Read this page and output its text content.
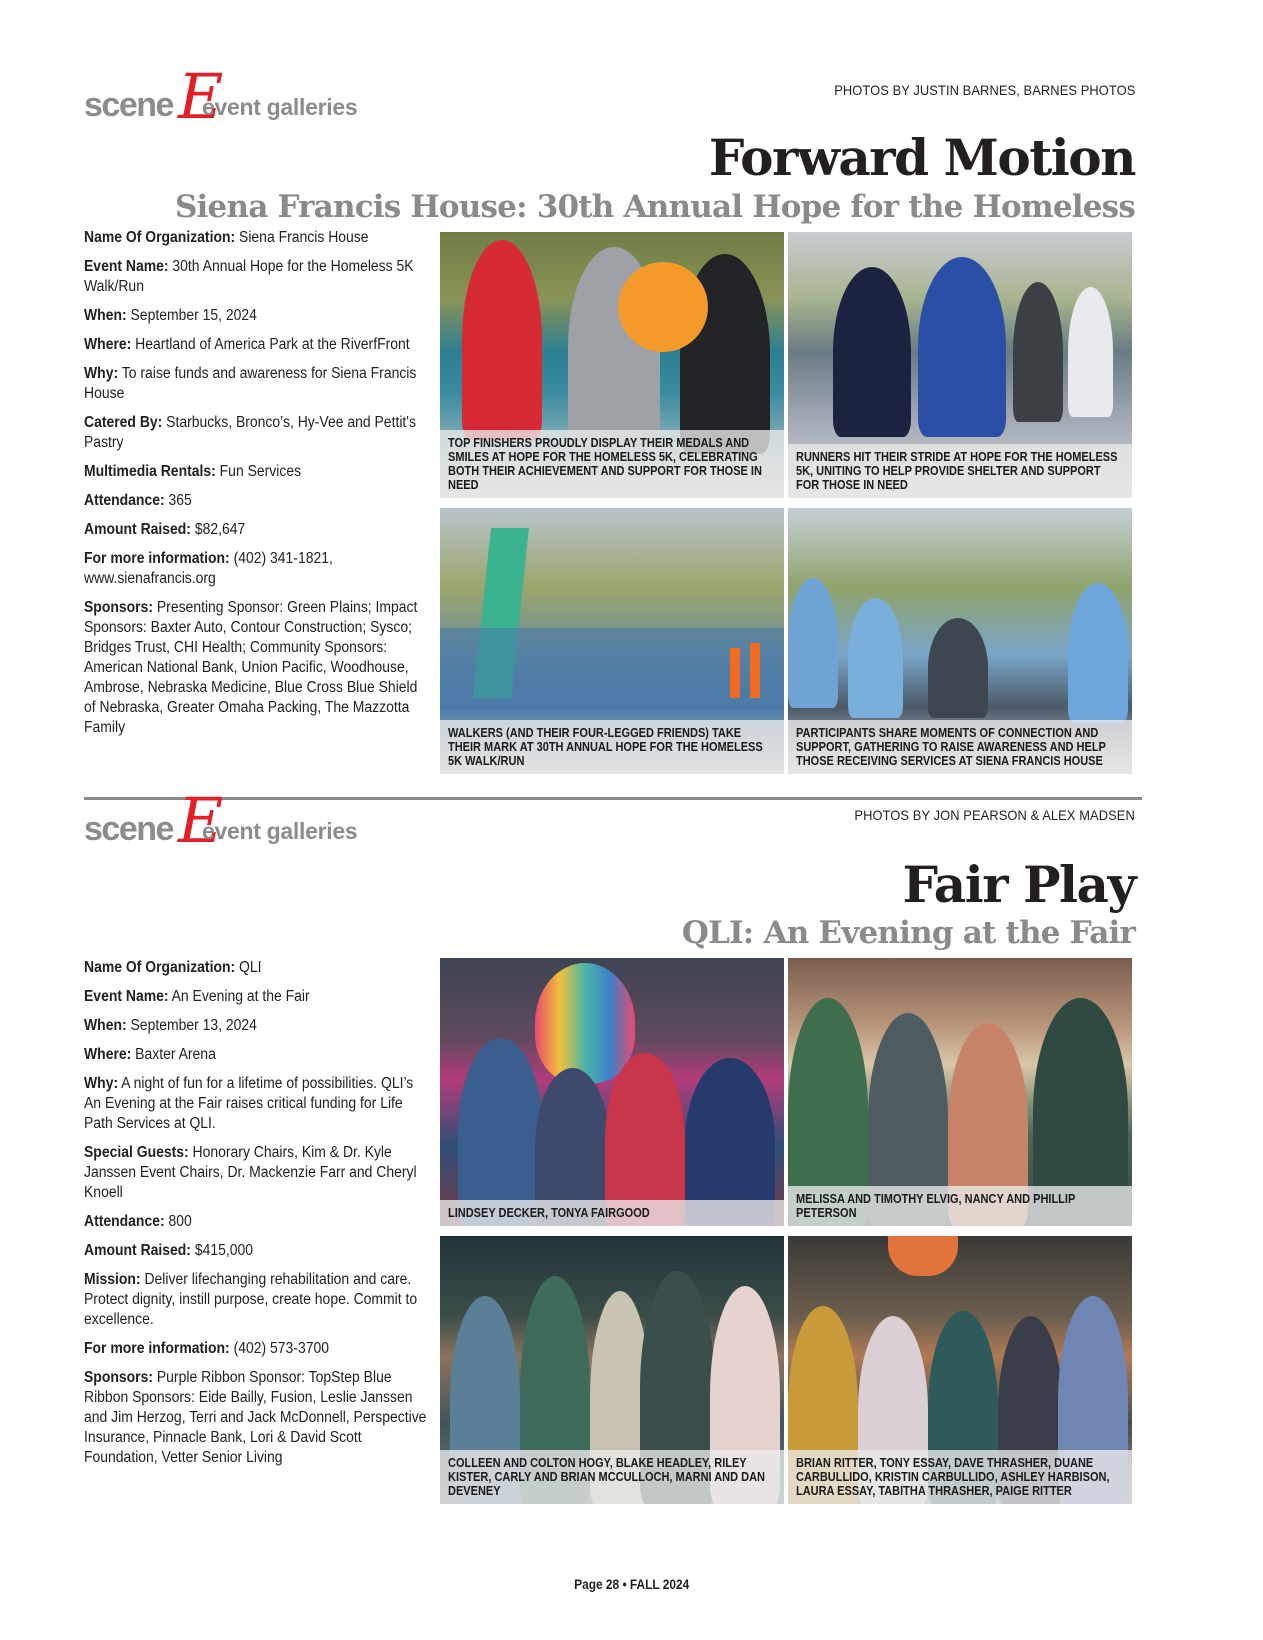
scene E
event galleries
PHOTOS BY JUSTIN BARNES, BARNES PHOTOS
Forward Motion
Siena Francis House: 30th Annual Hope for the Homeless

Name Of Organization: Siena Francis House

Event Name: 30th Annual Hope for the Homeless 5K Walk/Run

When: September 15, 2024

Where: Heartland of America Park at the RiverfFront

Why: To raise funds and awareness for Siena Francis House

Catered By: Starbucks, Bronco’s, Hy-Vee and Pettit's Pastry

Multimedia Rentals: Fun Services

Attendance: 365

Amount Raised: $82,647

For more information: (402) 341-1821, www.sienafrancis.org

Sponsors: Presenting Sponsor: Green Plains; Impact Sponsors: Baxter Auto, Contour Construction; Sysco; Bridges Trust, CHI Health; Community Sponsors: American National Bank, Union Pacific, Woodhouse, Ambrose, Nebraska Medicine, Blue Cross Blue Shield of Nebraska, Greater Omaha Packing, The Mazzotta Family

TOP FINISHERS PROUDLY DISPLAY THEIR MEDALS AND SMILES AT HOPE FOR THE HOMELESS 5K, CELEBRATING BOTH THEIR ACHIEVEMENT AND SUPPORT FOR THOSE IN NEED
RUNNERS HIT THEIR STRIDE AT HOPE FOR THE HOMELESS 5K, UNITING TO HELP PROVIDE SHELTER AND SUPPORT FOR THOSE IN NEED
WALKERS (AND THEIR FOUR-LEGGED FRIENDS) TAKE THEIR MARK AT 30TH ANNUAL HOPE FOR THE HOMELESS 5K WALK/RUN
PARTICIPANTS SHARE MOMENTS OF CONNECTION AND SUPPORT, GATHERING TO RAISE AWARENESS AND HELP THOSE RECEIVING SERVICES AT SIENA FRANCIS HOUSE
scene E
event galleries
PHOTOS BY JON PEARSON & ALEX MADSEN
Fair Play
QLI: An Evening at the Fair

Name Of Organization: QLI

Event Name: An Evening at the Fair

When: September 13, 2024

Where: Baxter Arena

Why: A night of fun for a lifetime of possibilities. QLI’s An Evening at the Fair raises critical funding for Life Path Services at QLI.

Special Guests: Honorary Chairs, Kim & Dr. Kyle Janssen Event Chairs, Dr. Mackenzie Farr and Cheryl Knoell

Attendance: 800

Amount Raised: $415,000

Mission: Deliver lifechanging rehabilitation and care. Protect dignity, instill purpose, create hope. Commit to excellence.

For more information: (402) 573-3700

Sponsors: Purple Ribbon Sponsor: TopStep Blue Ribbon Sponsors: Eide Bailly, Fusion, Leslie Janssen and Jim Herzog, Terri and Jack McDonnell, Perspective Insurance, Pinnacle Bank, Lori & David Scott Foundation, Vetter Senior Living

LINDSEY DECKER, TONYA FAIRGOOD
MELISSA AND TIMOTHY ELVIG, NANCY AND PHILLIP PETERSON
COLLEEN AND COLTON HOGY, BLAKE HEADLEY, RILEY KISTER, CARLY AND BRIAN MCCULLOCH, MARNI AND DAN DEVENEY
BRIAN RITTER, TONY ESSAY, DAVE THRASHER, DUANE CARBULLIDO, KRISTIN CARBULLIDO, ASHLEY HARBISON, LAURA ESSAY, TABITHA THRASHER, PAIGE RITTER
Page 28 • FALL 2024
